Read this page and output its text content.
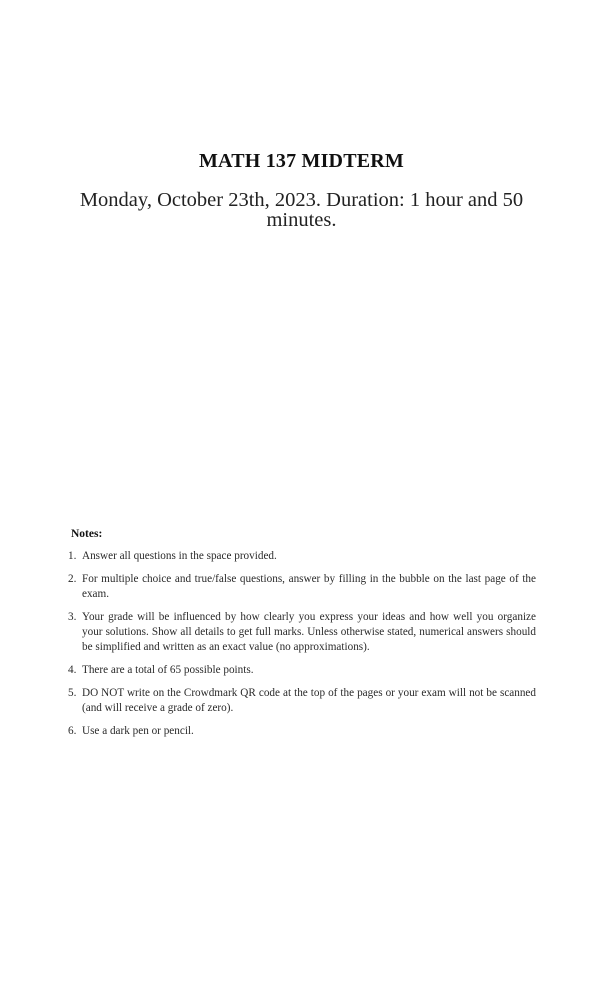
MATH 137 MIDTERM

Monday, October 23th, 2023. Duration: 1 hour and 50 minutes.

Notes:
1. Answer all questions in the space provided.
2. For multiple choice and true/false questions, answer by filling in the bubble on the last page of the exam.
3. Your grade will be influenced by how clearly you express your ideas and how well you organize your solutions. Show all details to get full marks. Unless otherwise stated, numerical answers should be simplified and written as an exact value (no approximations).
4. There are a total of 65 possible points.
5. DO NOT write on the Crowdmark QR code at the top of the pages or your exam will not be scanned (and will receive a grade of zero).
6. Use a dark pen or pencil.
